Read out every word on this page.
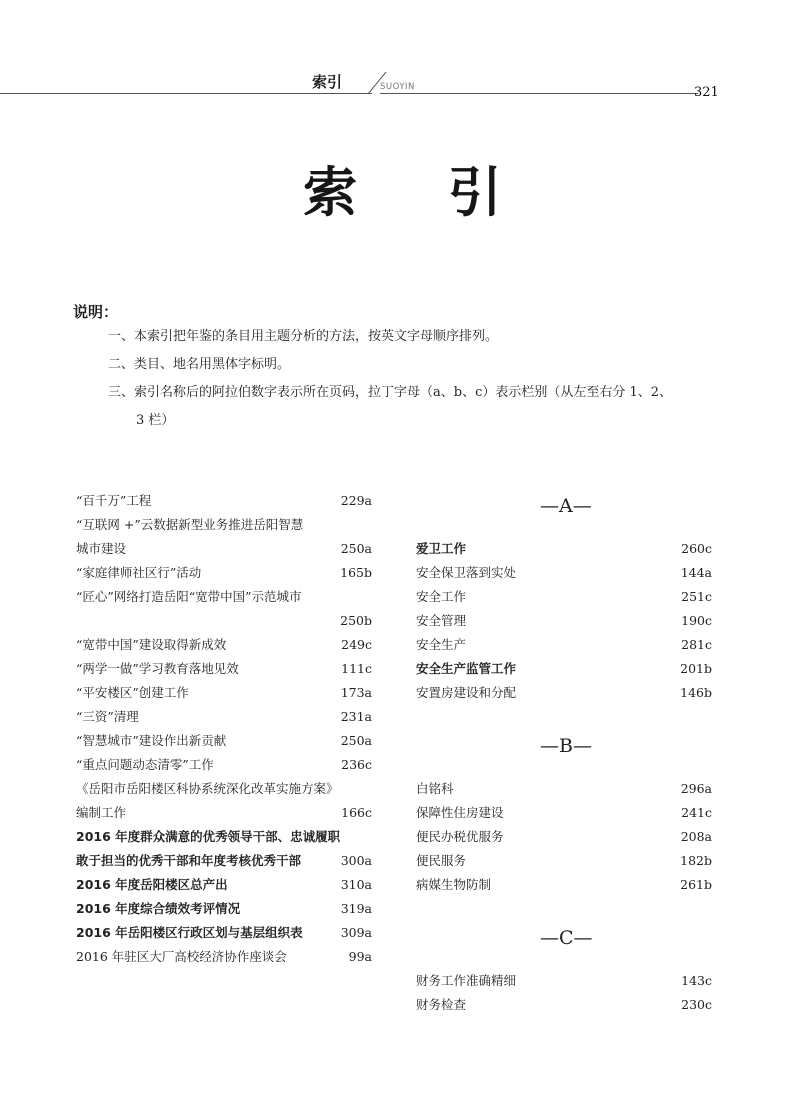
索引	SUOYIN	321
索 引
说明：
一、本索引把年鉴的条目用主题分析的方法，按英文字母顺序排列。
二、类目、地名用黑体字标明。
三、索引名称后的阿拉伯数字表示所在页码，拉丁字母（a、b、c）表示栏别（从左至右分 1、2、
3 栏）
“百千万”工程	229a
“互联网 +”云数据新型业务推进岳阳智慧
城市建设	250a
“家庭律师社区行”活动	165b
“匠心”网络打造岳阳“宽带中国”示范城市
250b
“宽带中国”建设取得新成效	249c
“两学一做”学习教育落地见效	111c
“平安楼区”创建工作	173a
“三资”清理	231a
“智慧城市”建设作出新贡献	250a
“重点问题动态清零”工作	236c
《岳阳市岳阳楼区科协系统深化改革实施方案》
编制工作	166c
2016 年度群众满意的优秀领导干部、忠诚履职
敢于担当的优秀干部和年度考核优秀干部	300a
2016 年度岳阳楼区总产出	310a
2016 年度综合绩效考评情况	319a
2016 年岳阳楼区行政区划与基层组织表	309a
2016 年驻区大厂高校经济协作座谈会	99a
—A—
爱卫工作	260c
安全保卫落到实处	144a
安全工作	251c
安全管理	190c
安全生产	281c
安全生产监管工作	201b
安置房建设和分配	146b
—B—
白铭科	296a
保障性住房建设	241c
便民办税优服务	208a
便民服务	182b
病媒生物防制	261b
—C—
财务工作准确精细	143c
财务检查	230c
